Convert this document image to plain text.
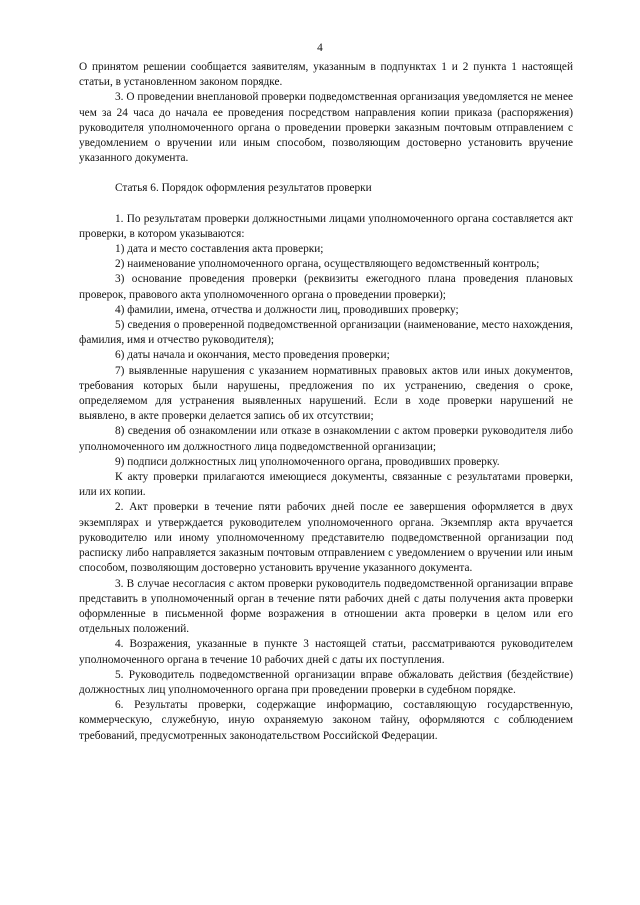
4

О принятом решении сообщается заявителям, указанным в подпунктах 1 и 2 пункта 1 настоящей статьи, в установленном законом порядке.

3. О проведении внеплановой проверки подведомственная организация уведомляется не менее чем за 24 часа до начала ее проведения посредством направления копии приказа (распоряжения) руководителя уполномоченного органа о проведении проверки заказным почтовым отправлением с уведомлением о вручении или иным способом, позволяющим достоверно установить вручение указанного документа.

Статья 6. Порядок оформления результатов проверки

1. По результатам проверки должностными лицами уполномоченного органа составляется акт проверки, в котором указываются:

1) дата и место составления акта проверки;

2) наименование уполномоченного органа, осуществляющего ведомственный контроль;

3) основание проведения проверки (реквизиты ежегодного плана проведения плановых проверок, правового акта уполномоченного органа о проведении проверки);

4) фамилии, имена, отчества и должности лиц, проводивших проверку;

5) сведения о проверенной подведомственной организации (наименование, место нахождения, фамилия, имя и отчество руководителя);

6) даты начала и окончания, место проведения проверки;

7) выявленные нарушения с указанием нормативных правовых актов или иных документов, требования которых были нарушены, предложения по их устранению, сведения о сроке, определяемом для устранения выявленных нарушений. Если в ходе проверки нарушений не выявлено, в акте проверки делается запись об их отсутствии;

8) сведения об ознакомлении или отказе в ознакомлении с актом проверки руководителя либо уполномоченного им должностного лица подведомственной организации;

9) подписи должностных лиц уполномоченного органа, проводивших проверку.

К акту проверки прилагаются имеющиеся документы, связанные с результатами проверки, или их копии.

2. Акт проверки в течение пяти рабочих дней после ее завершения оформляется в двух экземплярах и утверждается руководителем уполномоченного органа. Экземпляр акта вручается руководителю или иному уполномоченному представителю подведомственной организации под расписку либо направляется заказным почтовым отправлением с уведомлением о вручении или иным способом, позволяющим достоверно установить вручение указанного документа.

3. В случае несогласия с актом проверки руководитель подведомственной организации вправе представить в уполномоченный орган в течение пяти рабочих дней с даты получения акта проверки оформленные в письменной форме возражения в отношении акта проверки в целом или его отдельных положений.

4. Возражения, указанные в пункте 3 настоящей статьи, рассматриваются руководителем уполномоченного органа в течение 10 рабочих дней с даты их поступления.

5. Руководитель подведомственной организации вправе обжаловать действия (бездействие) должностных лиц уполномоченного органа при проведении проверки в судебном порядке.

6. Результаты проверки, содержащие информацию, составляющую государственную, коммерческую, служебную, иную охраняемую законом тайну, оформляются с соблюдением требований, предусмотренных законодательством Российской Федерации.
